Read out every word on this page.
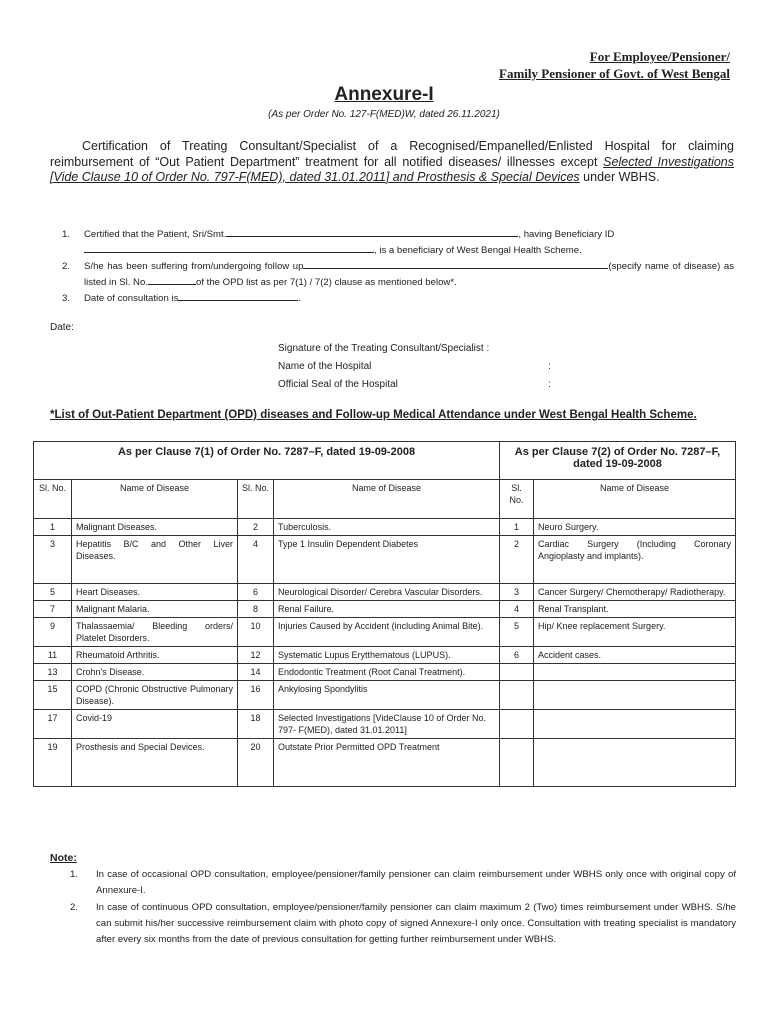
For Employee/Pensioner/
Family Pensioner of Govt. of West Bengal
Annexure-I
(As per Order No. 127-F(MED)W, dated 26.11.2021)
Certification of Treating Consultant/Specialist of a Recognised/Empanelled/Enlisted Hospital for claiming reimbursement of “Out Patient Department” treatment for all notified diseases/ illnesses except Selected Investigations [Vide Clause 10 of Order No. 797-F(MED), dated 31.01.2011] and Prosthesis & Special Devices under WBHS.
1.	Certified that the Patient, Sri/Smt.	, having Beneficiary ID
, is a beneficiary of West Bengal Health Scheme.
2.	S/he has been suffering from/undergoing follow up	(specify name of disease) as listed in Sl. No.	of the OPD list as per 7(1) / 7(2) clause as mentioned below*.
3.	Date of consultation is	.
Date:
Signature of the Treating Consultant/Specialist :
Name of the Hospital	:
Official Seal of the Hospital	:
*List of Out-Patient Department (OPD) diseases and Follow-up Medical Attendance under West Bengal Health Scheme.
As per Clause 7(1) of Order No. 7287–F, dated 19-09-2008				As per Clause 7(2) of Order No. 7287–F, dated 19-09-2008	
Sl. No.	Name of Disease	Sl. No.	Name of Disease	Sl. No.	Name of Disease
1	Malignant Diseases.	2	Tuberculosis.	1	Neuro Surgery.
3	Hepatitis B/C and Other Liver Diseases.	4	Type 1 Insulin Dependent Diabetes	2	Cardiac Surgery (Including Coronary Angioplasty and implants).
5	Heart Diseases.	6	Neurological Disorder/ Cerebra Vascular Disorders.	3	Cancer Surgery/ Chemotherapy/ Radiotherapy.
7	Malignant Malaria.	8	Renal Failure.	4	Renal Transplant.
9	Thalassaemia/ Bleeding orders/ Platelet Disorders.	10	Injuries Caused by Accident (including Animal Bite).	5	Hip/ Knee replacement Surgery.
11	Rheumatoid Arthritis.	12	Systematic Lupus Erytthematous (LUPUS).	6	Accident cases.
13	Crohn's Disease.	14	Endodontic Treatment (Root Canal Treatment).		
15	COPD (Chronic Obstructive Pulmonary Disease).	16	Ankylosing Spondylitis		
17	Covid-19	18	Selected Investigations [VideClause 10 of Order No. 797- F(MED), dated 31.01.2011]		
19	Prosthesis and Special Devices.	20	Outstate Prior Permitted OPD Treatment		
Note:
1.	In case of occasional OPD consultation, employee/pensioner/family pensioner can claim reimbursement under WBHS only once with original copy of Annexure-I.
2.	In case of continuous OPD consultation, employee/pensioner/family pensioner can claim maximum 2 (Two) times reimbursement under WBHS. S/he can submit his/her successive reimbursement claim with photo copy of signed Annexure-I only once. Consultation with treating specialist is mandatory after every six months from the date of previous consultation for getting further reimbursement under WBHS.
